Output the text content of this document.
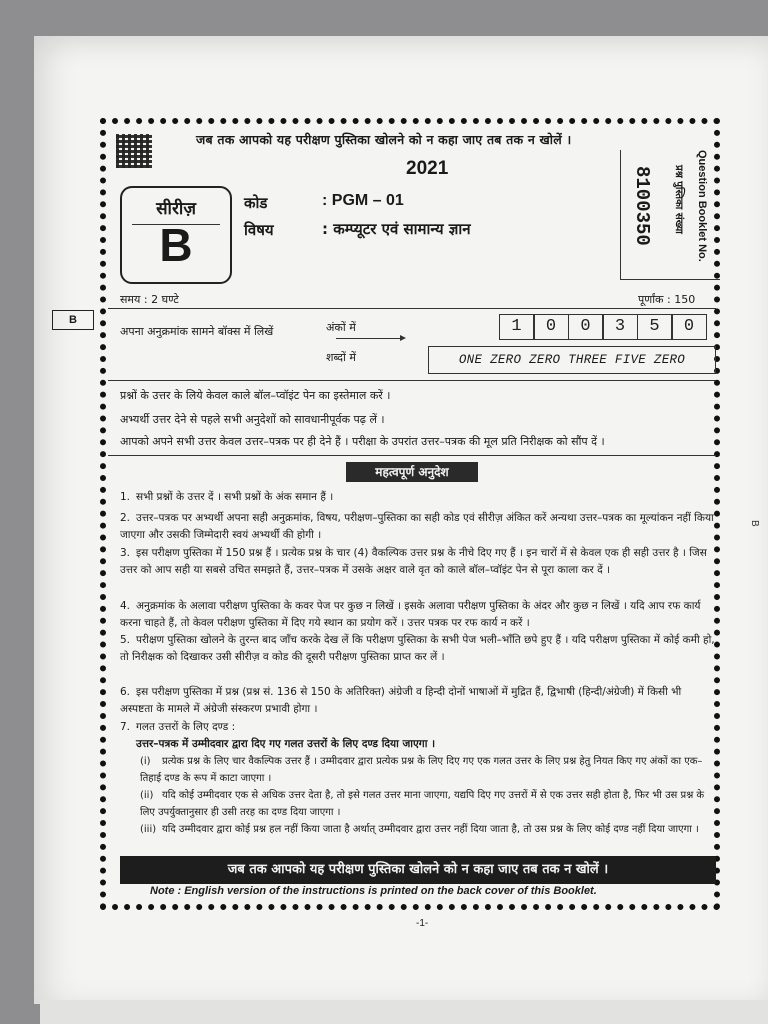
जब तक आपको यह परीक्षण पुस्तिका खोलने को न कहा जाए तब तक न खोलें ।
2021
सीरीज़
B
कोड	: PGM – 01
विषय	: कम्प्यूटर एवं सामान्य ज्ञान	Question Booklet No.
प्रश्न पुस्तिका संख्या
8100350
समय : 2 घण्टे	पूर्णांक : 150
B
अपना अनुक्रमांक सामने बॉक्स में लिखें	अंकों में
शब्दों में
1	0	0	3	5	0
ONE ZERO ZERO THREE FIVE ZERO
प्रश्नों के उत्तर के लिये केवल काले बॉल–प्वॉइंट पेन का इस्तेमाल करें ।
अभ्यर्थी उत्तर देने से पहले सभी अनुदेशों को सावधानीपूर्वक पढ़ लें ।
आपको अपने सभी उत्तर केवल उत्तर–पत्रक पर ही देने हैं । परीक्षा के उपरांत उत्तर–पत्रक की मूल प्रति निरीक्षक को सौंप दें ।
महत्वपूर्ण अनुदेश
1. सभी प्रश्नों के उत्तर दें । सभी प्रश्नों के अंक समान हैं ।
2. उत्तर–पत्रक पर अभ्यर्थी अपना सही अनुक्रमांक, विषय, परीक्षण–पुस्तिका का सही कोड एवं सीरीज़ अंकित करें अन्यथा उत्तर–पत्रक का मूल्यांकन नहीं किया जाएगा और उसकी जिम्मेदारी स्वयं अभ्यर्थी की होगी ।
3. इस परीक्षण पुस्तिका में 150 प्रश्न हैं । प्रत्येक प्रश्न के चार (4) वैकल्पिक उत्तर प्रश्न के नीचे दिए गए हैं । इन चारों में से केवल एक ही सही उत्तर है । जिस उत्तर को आप सही या सबसे उचित समझते हैं, उत्तर–पत्रक में उसके अक्षर वाले वृत को काले बॉल–प्वॉइंट पेन से पूरा काला कर दें ।
4. अनुक्रमांक के अलावा परीक्षण पुस्तिका के कवर पेज पर कुछ न लिखें । इसके अलावा परीक्षण पुस्तिका के अंदर और कुछ न लिखें । यदि आप रफ कार्य करना चाहते हैं, तो केवल परीक्षण पुस्तिका में दिए गये स्थान का प्रयोग करें । उत्तर पत्रक पर रफ कार्य न करें ।
5. परीक्षण पुस्तिका खोलने के तुरन्त बाद जाँच करके देख लें कि परीक्षण पुस्तिका के सभी पेज भली–भाँति छपे हुए हैं । यदि परीक्षण पुस्तिका में कोई कमी हो, तो निरीक्षक को दिखाकर उसी सीरीज़ व कोड की दूसरी परीक्षण पुस्तिका प्राप्त कर लें ।
6. इस परीक्षण पुस्तिका में प्रश्न (प्रश्न सं. 136 से 150 के अतिरिक्त) अंग्रेजी व हिन्दी दोनों भाषाओं में मुद्रित हैं, द्विभाषी (हिन्दी/अंग्रेजी) में किसी भी अस्पष्टता के मामले में अंग्रेजी संस्करण प्रभावी होगा ।
7. गलत उत्तरों के लिए दण्ड :
उत्तर–पत्रक में उम्मीदवार द्वारा दिए गए गलत उत्तरों के लिए दण्ड दिया जाएगा ।
(i) प्रत्येक प्रश्न के लिए चार वैकल्पिक उत्तर हैं । उम्मीदवार द्वारा प्रत्येक प्रश्न के लिए दिए गए एक गलत उत्तर के लिए प्रश्न हेतु नियत किए गए अंकों का एक–तिहाई दण्ड के रूप में काटा जाएगा ।
(ii) यदि कोई उम्मीदवार एक से अधिक उत्तर देता है, तो इसे गलत उत्तर माना जाएगा, यद्यपि दिए गए उत्तरों में से एक उत्तर सही होता है, फिर भी उस प्रश्न के लिए उपर्युक्तानुसार ही उसी तरह का दण्ड दिया जाएगा ।
(iii) यदि उम्मीदवार द्वारा कोई प्रश्न हल नहीं किया जाता है अर्थात् उम्मीदवार द्वारा उत्तर नहीं दिया जाता है, तो उस प्रश्न के लिए कोई दण्ड नहीं दिया जाएगा ।
जब तक आपको यह परीक्षण पुस्तिका खोलने को न कहा जाए तब तक न खोलें ।
Note : English version of the instructions is printed on the back cover of this Booklet.
-1-
B
